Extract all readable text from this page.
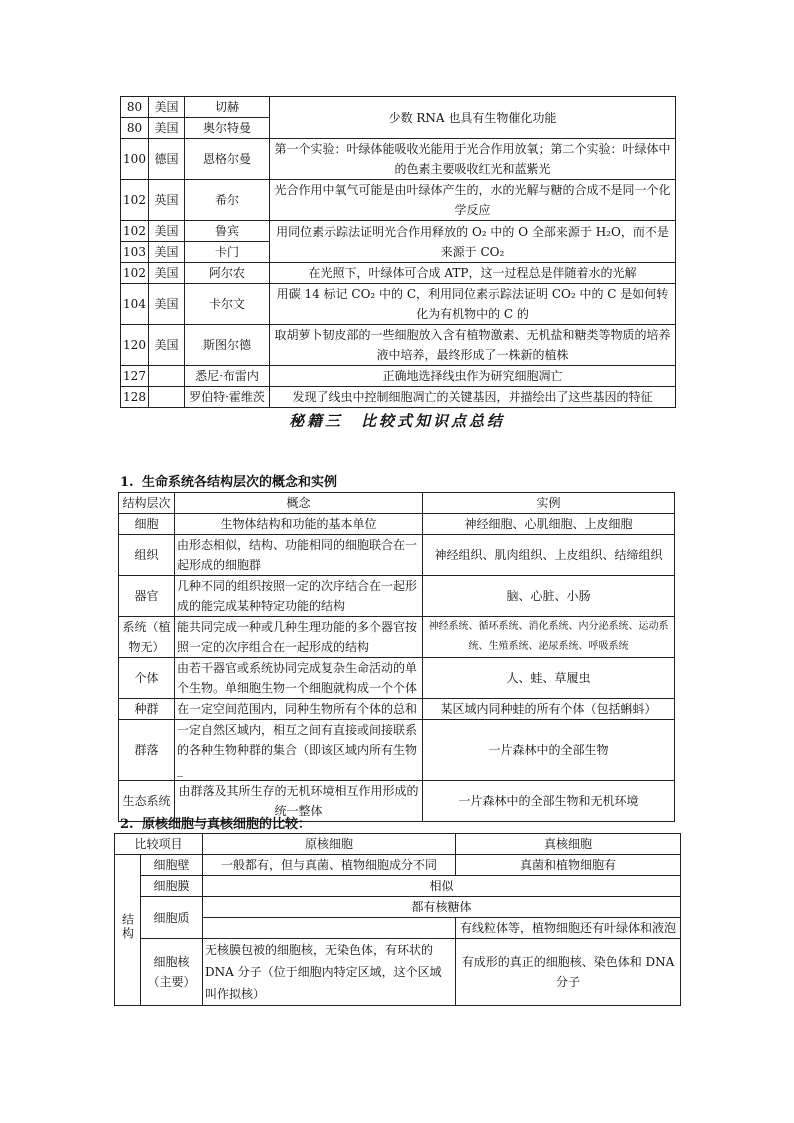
80	美国	切赫	少数 RNA 也具有生物催化功能
80	美国	奥尔特曼	
100	德国	恩格尔曼	第一个实验：叶绿体能吸收光能用于光合作用放氧；第二个实验：叶绿体中的色素主要吸收红光和蓝紫光
102	英国	希尔	光合作用中氧气可能是由叶绿体产生的，水的光解与糖的合成不是同一个化学反应
102	美国	鲁宾	用同位素示踪法证明光合作用释放的 O₂ 中的 O 全部来源于 H₂O，而不是来源于 CO₂
103	美国	卡门	
102	美国	阿尔农	在光照下，叶绿体可合成 ATP，这一过程总是伴随着水的光解
104	美国	卡尔文	用碳 14 标记 CO₂ 中的 C，利用同位素示踪法证明 CO₂ 中的 C 是如何转化为有机物中的 C 的
120	美国	斯图尔德	取胡萝卜韧皮部的一些细胞放入含有植物激素、无机盐和糖类等物质的培养液中培养，最终形成了一株新的植株
127		悉尼·布雷内	正确地选择线虫作为研究细胞凋亡
128		罗伯特·霍维茨	发现了线虫中控制细胞凋亡的关键基因，并描绘出了这些基因的特征
秘籍三　比较式知识点总结
1. 生命系统各结构层次的概念和实例
结构层次	概念	实例
细胞	生物体结构和功能的基本单位	神经细胞、心肌细胞、上皮细胞
组织	由形态相似，结构、功能相同的细胞联合在一起形成的细胞群	神经组织、肌肉组织、上皮组织、结缔组织
器官	几种不同的组织按照一定的次序结合在一起形成的能完成某种特定功能的结构	脑、心脏、小肠
系统（植物无）	能共同完成一种或几种生理功能的多个器官按照一定的次序组合在一起形成的结构	神经系统、循环系统、消化系统、内分泌系统、运动系统、生殖系统、泌尿系统、呼吸系统
个体	由若干器官或系统协同完成复杂生命活动的单个生物。单细胞生物一个细胞就构成一个个体	人、蛙、草履虫
种群	在一定空间范围内，同种生物所有个体的总和	某区域内同种蛙的所有个体（包括蝌蚪）
群落	一定自然区域内，相互之间有直接或间接联系的各种生物种群的集合（即该区域内所有生物_	一片森林中的全部生物
生态系统	由群落及其所生存的无机环境相互作用形成的统一整体	一片森林中的全部生物和无机环境
2. 原核细胞与真核细胞的比较：
比较项目		原核细胞	真核细胞
结构	细胞壁	一般都有，但与真菌、植物细胞成分不同	真菌和植物细胞有
	细胞膜	相似	
	细胞质	都有核糖体	
			有线粒体等，植物细胞还有叶绿体和液泡

	细胞核（主要）	无核膜包被的细胞核，无染色体，有环状的 DNA 分子（位于细胞内特定区域，这个区域叫作拟核）	有成形的真正的细胞核、染色体和 DNA 分子
